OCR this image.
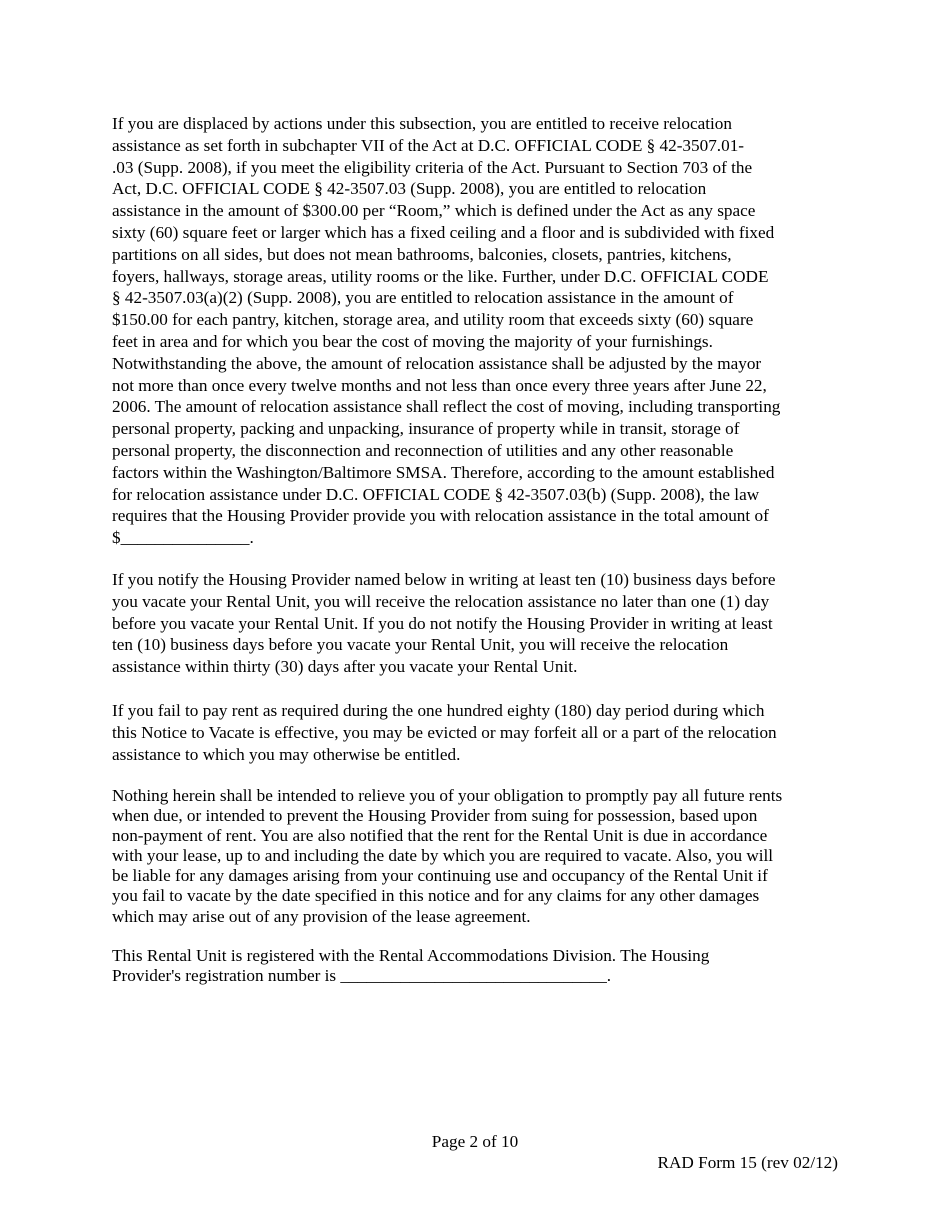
If you are displaced by actions under this subsection, you are entitled to receive relocation
assistance as set forth in subchapter VII of the Act at D.C. OFFICIAL CODE § 42-3507.01-
.03 (Supp. 2008), if you meet the eligibility criteria of the Act. Pursuant to Section 703 of the
Act, D.C. OFFICIAL CODE § 42-3507.03 (Supp. 2008), you are entitled to relocation
assistance in the amount of $300.00 per “Room,” which is defined under the Act as any space
sixty (60) square feet or larger which has a fixed ceiling and a floor and is subdivided with fixed
partitions on all sides, but does not mean bathrooms, balconies, closets, pantries, kitchens,
foyers, hallways, storage areas, utility rooms or the like. Further, under D.C. OFFICIAL CODE
§ 42-3507.03(a)(2) (Supp. 2008), you are entitled to relocation assistance in the amount of
$150.00 for each pantry, kitchen, storage area, and utility room that exceeds sixty (60) square
feet in area and for which you bear the cost of moving the majority of your furnishings.
Notwithstanding the above, the amount of relocation assistance shall be adjusted by the mayor
not more than once every twelve months and not less than once every three years after June 22,
2006. The amount of relocation assistance shall reflect the cost of moving, including transporting
personal property, packing and unpacking, insurance of property while in transit, storage of
personal property, the disconnection and reconnection of utilities and any other reasonable
factors within the Washington/Baltimore SMSA. Therefore, according to the amount established
for relocation assistance under D.C. OFFICIAL CODE § 42-3507.03(b) (Supp. 2008), the law
requires that the Housing Provider provide you with relocation assistance in the total amount of
$_______________.

If you notify the Housing Provider named below in writing at least ten (10) business days before
you vacate your Rental Unit, you will receive the relocation assistance no later than one (1) day
before you vacate your Rental Unit. If you do not notify the Housing Provider in writing at least
ten (10) business days before you vacate your Rental Unit, you will receive the relocation
assistance within thirty (30) days after you vacate your Rental Unit.

If you fail to pay rent as required during the one hundred eighty (180) day period during which
this Notice to Vacate is effective, you may be evicted or may forfeit all or a part of the relocation
assistance to which you may otherwise be entitled.

Nothing herein shall be intended to relieve you of your obligation to promptly pay all future rents
when due, or intended to prevent the Housing Provider from suing for possession, based upon
non-payment of rent. You are also notified that the rent for the Rental Unit is due in accordance
with your lease, up to and including the date by which you are required to vacate. Also, you will
be liable for any damages arising from your continuing use and occupancy of the Rental Unit if
you fail to vacate by the date specified in this notice and for any claims for any other damages
which may arise out of any provision of the lease agreement.

This Rental Unit is registered with the Rental Accommodations Division. The Housing
Provider's registration number is _______________________________.

Page 2 of 10
RAD Form 15 (rev 02/12)
